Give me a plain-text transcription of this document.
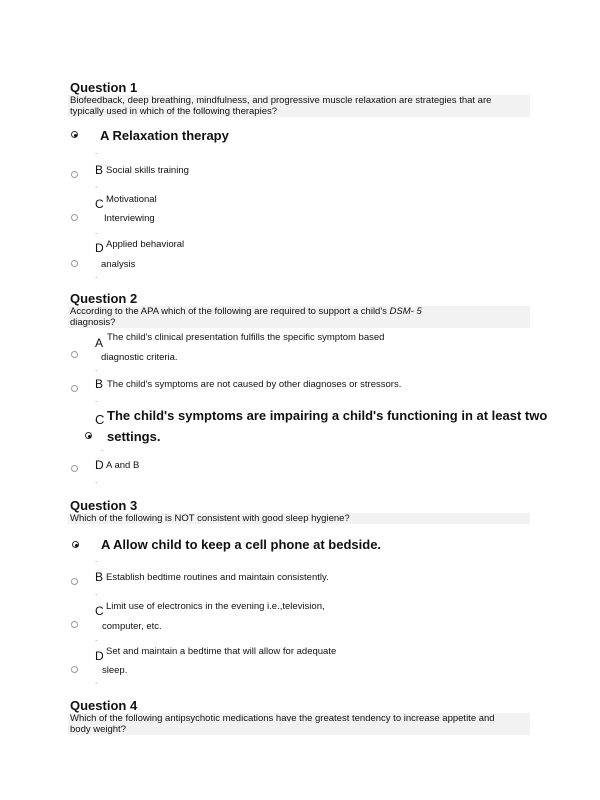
Question 1
Biofeedback, deep breathing, mindfulness, and progressive muscle relaxation are strategies that are
typically used in which of the following therapies?
A Relaxation therapy
.
B Social skills training
.
C Motivational
Interviewing
.
D Applied behavioral
analysis
.
Question 2
According to the APA which of the following are required to support a child's DSM- 5
diagnosis?
A The child's clinical presentation fulfills the specific symptom based
diagnostic criteria.
.
B The child's symptoms are not caused by other diagnoses or stressors.
.
C The child's symptoms are impairing a child's functioning in at least two
settings.
.
D A and B
.
Question 3
Which of the following is NOT consistent with good sleep hygiene?
A Allow child to keep a cell phone at bedside.
.
B Establish bedtime routines and maintain consistently.
.
C Limit use of electronics in the evening i.e.,television,
computer, etc.
.
D Set and maintain a bedtime that will allow for adequate
sleep.
.
Question 4
Which of the following antipsychotic medications have the greatest tendency to increase appetite and
body weight?
